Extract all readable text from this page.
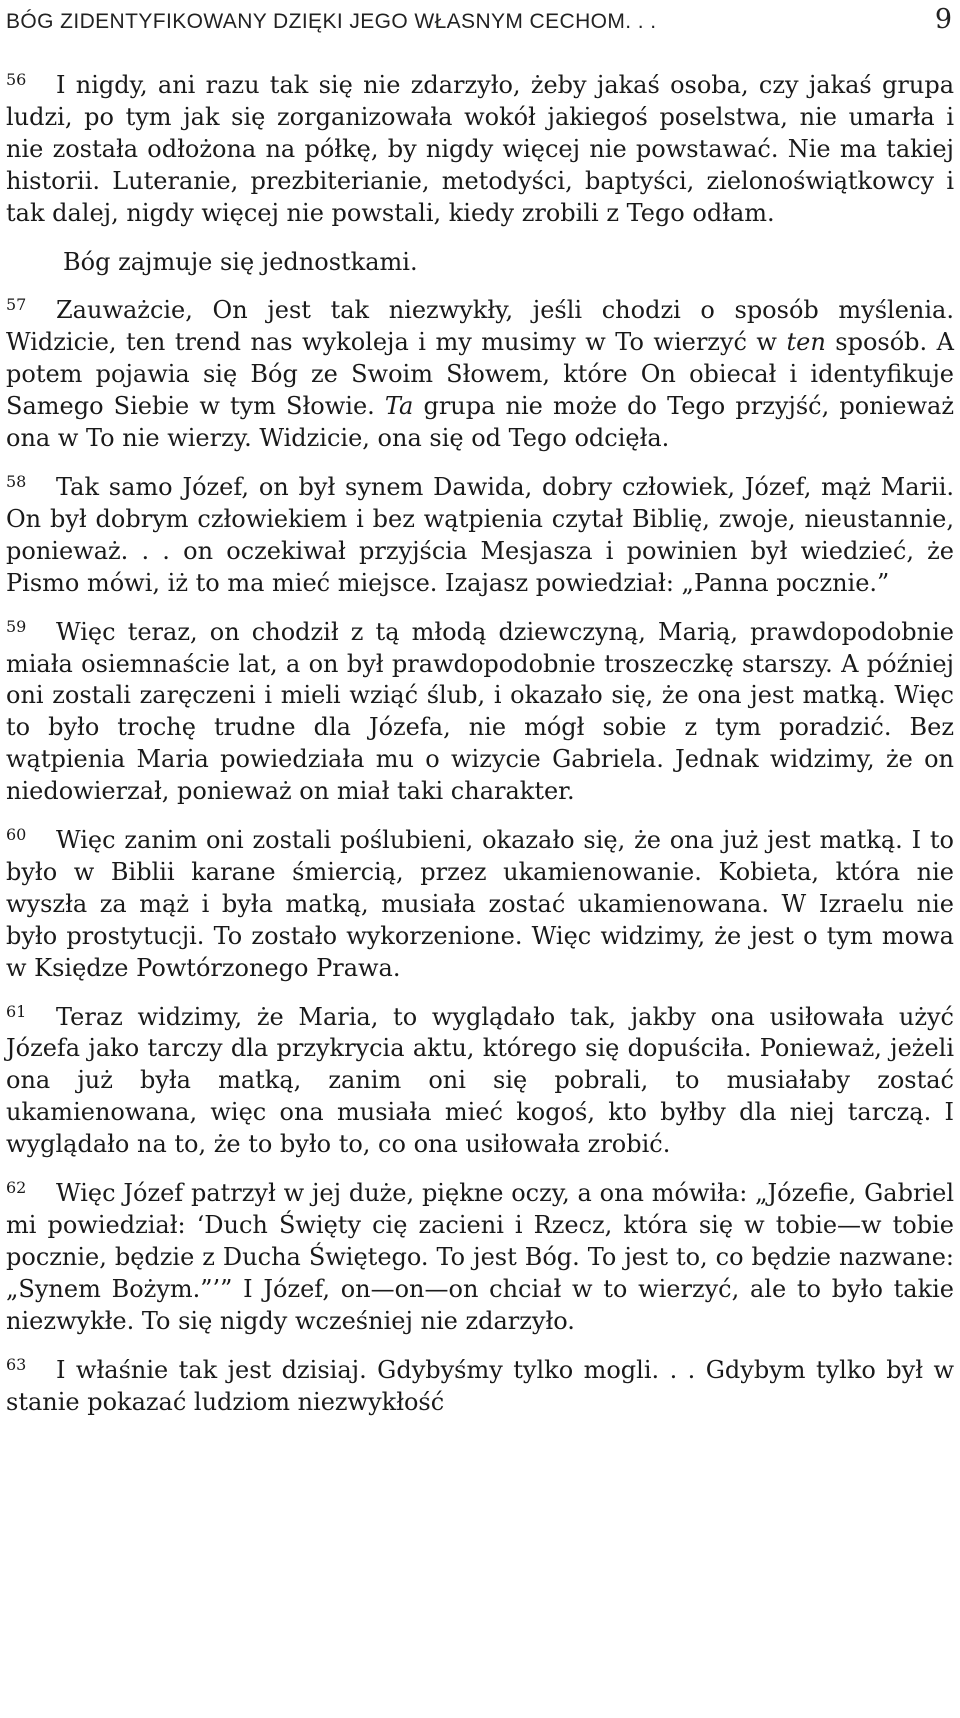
BÓG ZIDENTYFIKOWANY DZIĘKI JEGO WŁASNYM CECHOM. . .	9

56 I nigdy, ani razu tak się nie zdarzyło, żeby jakaś osoba, czy jakaś grupa ludzi, po tym jak się zorganizowała wokół jakiegoś poselstwa, nie umarła i nie została odłożona na półkę, by nigdy więcej nie powstawać. Nie ma takiej historii. Luteranie, prezbiterianie, metodyści, baptyści, zielonoświątkowcy i tak dalej, nigdy więcej nie powstali, kiedy zrobili z Tego odłam.

Bóg zajmuje się jednostkami.

57 Zauważcie, On jest tak niezwykły, jeśli chodzi o sposób myślenia. Widzicie, ten trend nas wykoleja i my musimy w To wierzyć w ten sposób. A potem pojawia się Bóg ze Swoim Słowem, które On obiecał i identyfikuje Samego Siebie w tym Słowie. Ta grupa nie może do Tego przyjść, ponieważ ona w To nie wierzy. Widzicie, ona się od Tego odcięła.

58 Tak samo Józef, on był synem Dawida, dobry człowiek, Józef, mąż Marii. On był dobrym człowiekiem i bez wątpienia czytał Biblię, zwoje, nieustannie, ponieważ. . . on oczekiwał przyjścia Mesjasza i powinien był wiedzieć, że Pismo mówi, iż to ma mieć miejsce. Izajasz powiedział: „Panna pocznie.”

59 Więc teraz, on chodził z tą młodą dziewczyną, Marią, prawdopodobnie miała osiemnaście lat, a on był prawdopodobnie troszeczkę starszy. A później oni zostali zaręczeni i mieli wziąć ślub, i okazało się, że ona jest matką. Więc to było trochę trudne dla Józefa, nie mógł sobie z tym poradzić. Bez wątpienia Maria powiedziała mu o wizycie Gabriela. Jednak widzimy, że on niedowierzał, ponieważ on miał taki charakter.

60 Więc zanim oni zostali poślubieni, okazało się, że ona już jest matką. I to było w Biblii karane śmiercią, przez ukamienowanie. Kobieta, która nie wyszła za mąż i była matką, musiała zostać ukamienowana. W Izraelu nie było prostytucji. To zostało wykorzenione. Więc widzimy, że jest o tym mowa w Księdze Powtórzonego Prawa.

61 Teraz widzimy, że Maria, to wyglądało tak, jakby ona usiłowała użyć Józefa jako tarczy dla przykrycia aktu, którego się dopuściła. Ponieważ, jeżeli ona już była matką, zanim oni się pobrali, to musiałaby zostać ukamienowana, więc ona musiała mieć kogoś, kto byłby dla niej tarczą. I wyglądało na to, że to było to, co ona usiłowała zrobić.

62 Więc Józef patrzył w jej duże, piękne oczy, a ona mówiła: „Józefie, Gabriel mi powiedział: ‘Duch Święty cię zacieni i Rzecz, która się w tobie—w tobie pocznie, będzie z Ducha Świętego. To jest Bóg. To jest to, co będzie nazwane: „Synem Bożym.”’” I Józef, on—on—on chciał w to wierzyć, ale to było takie niezwykłe. To się nigdy wcześniej nie zdarzyło.

63 I właśnie tak jest dzisiaj. Gdybyśmy tylko mogli. . . Gdybym tylko był w stanie pokazać ludziom niezwykłość
